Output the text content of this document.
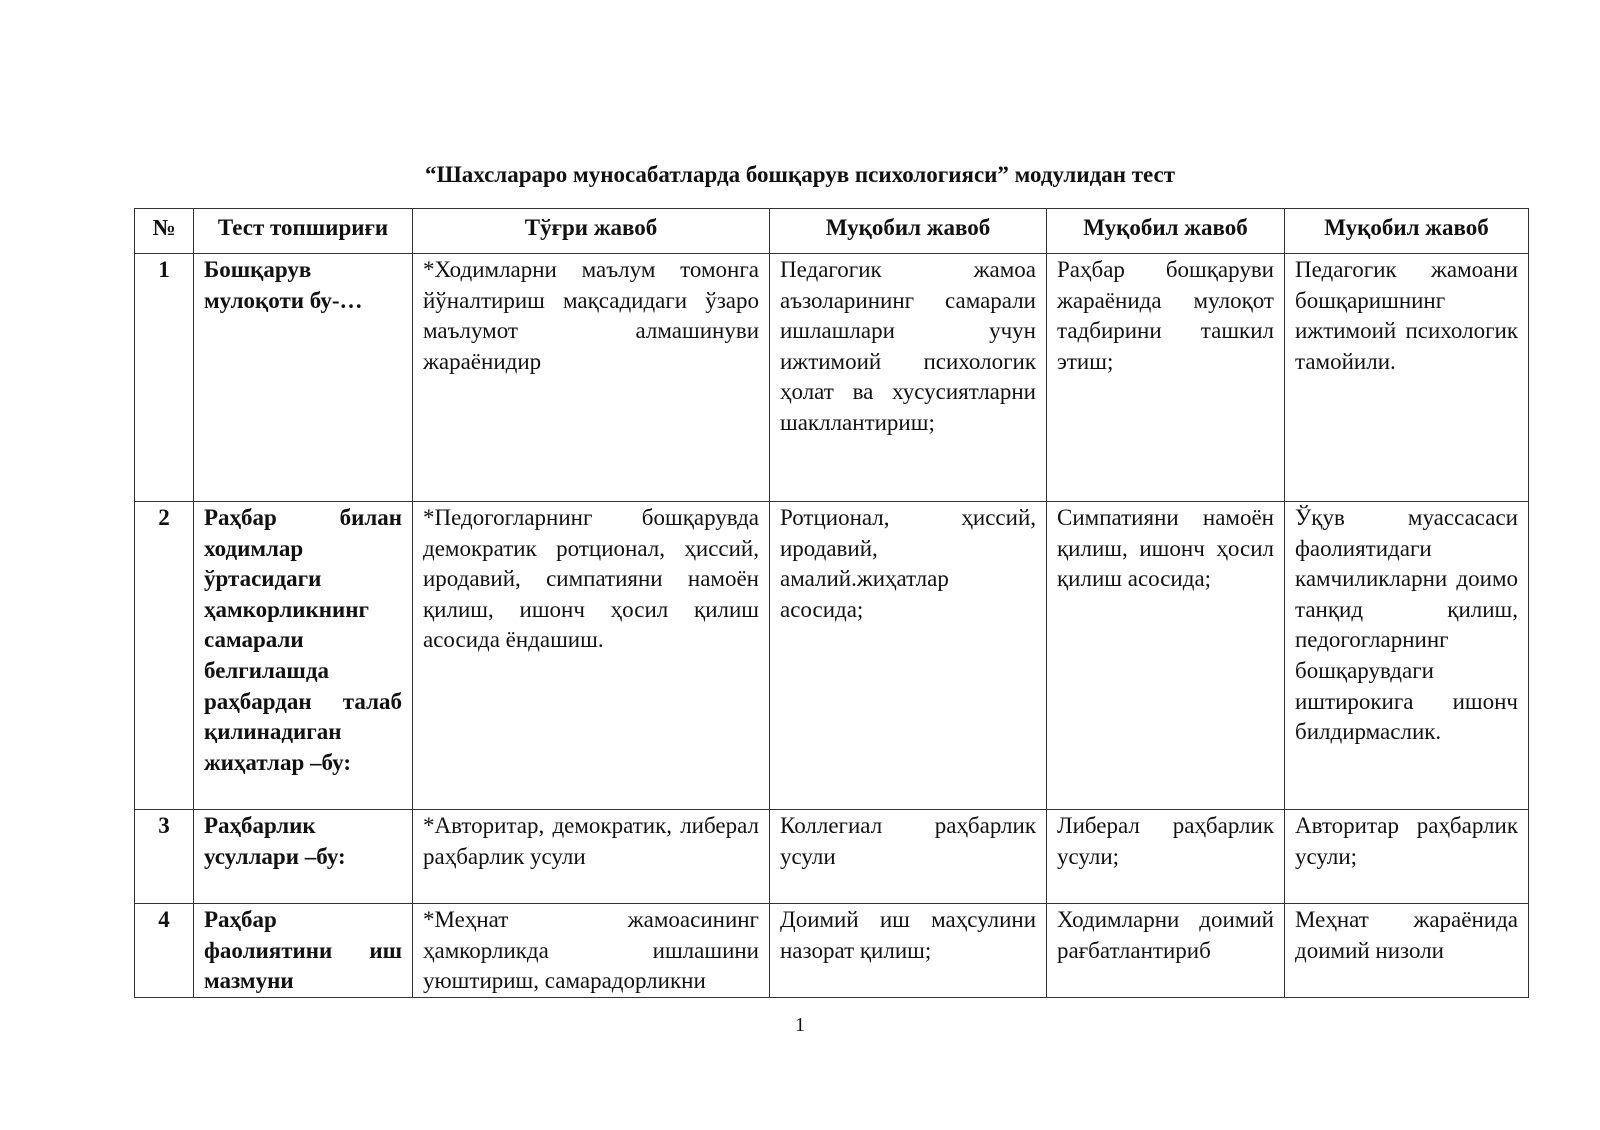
“Шахслараро муносабатларда бошқарув психологияси” модулидан тест
№	Тест топшириғи	Тўғри жавоб	Муқобил жавоб	Муқобил жавоб	Муқобил жавоб
1	Бошқарув мулоқоти бу-…	*Ходимларни маълум томонга йўналтириш мақсадидаги ўзаро маълумот алмашинуви жараёнидир	Педагогик жамоа аъзоларининг самарали ишлашлари учун ижтимоий психологик ҳолат ва хусусиятларни шакллантириш;	Раҳбар бошқаруви жараёнида мулоқот тадбирини ташкил этиш;	Педагогик жамоани бошқаришнинг ижтимоий психологик тамойили.
2	Раҳбар билан ходимлар ўртасидаги ҳамкорликнинг самарали белгилашда раҳбардан талаб қилинадиган жиҳатлар –бу:	*Педогогларнинг бошқарувда демократик ротционал, ҳиссий, иродавий, симпатияни намоён қилиш, ишонч ҳосил қилиш асосида ёндашиш.	Ротционал, ҳиссий, иродавий, амалий.жиҳатлар асосида;	Симпатияни намоён қилиш, ишонч ҳосил қилиш асосида;	Ўқув муассасаси фаолиятидаги камчиликларни доимо танқид қилиш, педогогларнинг бошқарувдаги иштирокига ишонч билдирмаслик.
3	Раҳбарлик усуллари –бу:	*Авторитар, демократик, либерал раҳбарлик усули	Коллегиал раҳбарлик усули	Либерал раҳбарлик усули;	Авторитар раҳбарлик усули;
4	Раҳбар фаолиятини иш мазмуни	*Меҳнат жамоасининг ҳамкорликда ишлашини уюштириш, самарадорликни	Доимий иш маҳсулини назорат қилиш;	Ходимларни доимий рағбатлантириб	Меҳнат жараёнида доимий низоли
1
